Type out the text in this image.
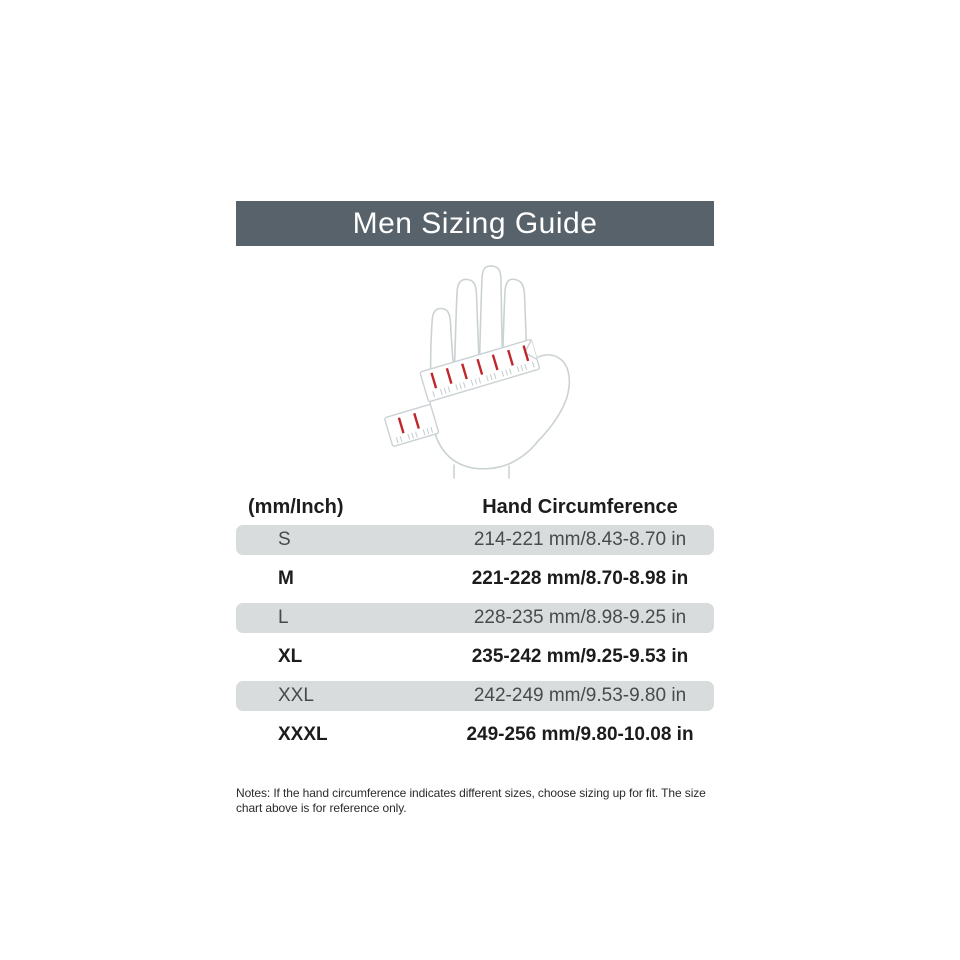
Men Sizing Guide
(mm/Inch)	Hand Circumference
S	214-221 mm/8.43-8.70 in
M	221-228 mm/8.70-8.98 in
L	228-235 mm/8.98-9.25 in
XL	235-242 mm/9.25-9.53 in
XXL	242-249 mm/9.53-9.80 in
XXXL	249-256 mm/9.80-10.08 in
Notes: If the hand circumference indicates different sizes, choose sizing up for fit. The size chart above is for reference only.
